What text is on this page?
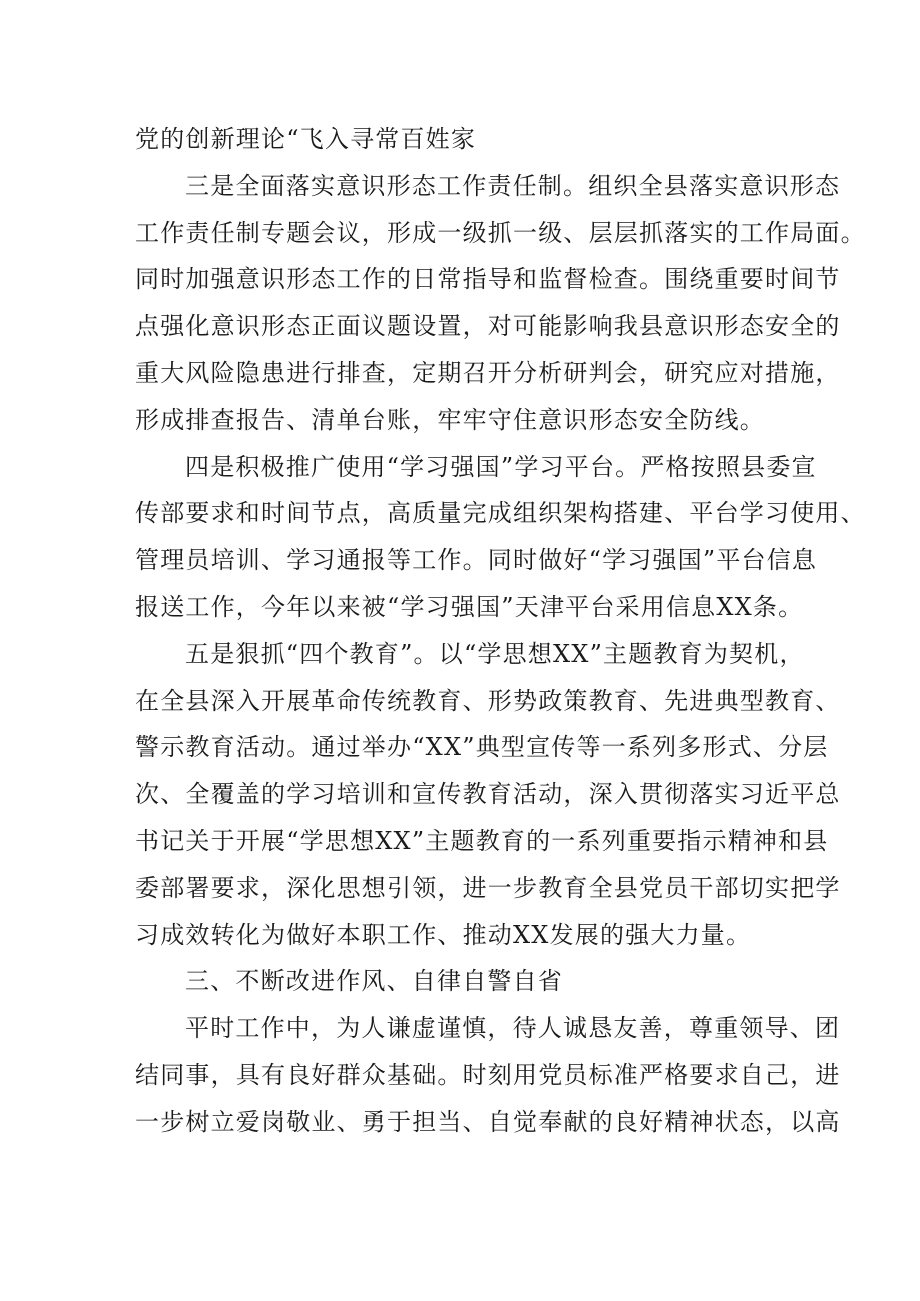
党的创新理论“飞入寻常百姓家
三是全面落实意识形态工作责任制。组织全县落实意识形态
工作责任制专题会议，形成一级抓一级、层层抓落实的工作局面。
同时加强意识形态工作的日常指导和监督检查。围绕重要时间节
点强化意识形态正面议题设置，对可能影响我县意识形态安全的
重大风险隐患进行排查，定期召开分析研判会，研究应对措施，
形成排查报告、清单台账，牢牢守住意识形态安全防线。
四是积极推广使用“学习强国”学习平台。严格按照县委宣
传部要求和时间节点，高质量完成组织架构搭建、平台学习使用、
管理员培训、学习通报等工作。同时做好“学习强国”平台信息
报送工作，今年以来被“学习强国”天津平台采用信息XX条。
五是狠抓“四个教育”。以“学思想XX”主题教育为契机，
在全县深入开展革命传统教育、形势政策教育、先进典型教育、
警示教育活动。通过举办“XX”典型宣传等一系列多形式、分层
次、全覆盖的学习培训和宣传教育活动，深入贯彻落实习近平总
书记关于开展“学思想XX”主题教育的一系列重要指示精神和县
委部署要求，深化思想引领，进一步教育全县党员干部切实把学
习成效转化为做好本职工作、推动XX发展的强大力量。
三、不断改进作风、自律自警自省
平时工作中，为人谦虚谨慎，待人诚恳友善，尊重领导、团
结同事，具有良好群众基础。时刻用党员标准严格要求自己，进
一步树立爱岗敬业、勇于担当、自觉奉献的良好精神状态，以高
